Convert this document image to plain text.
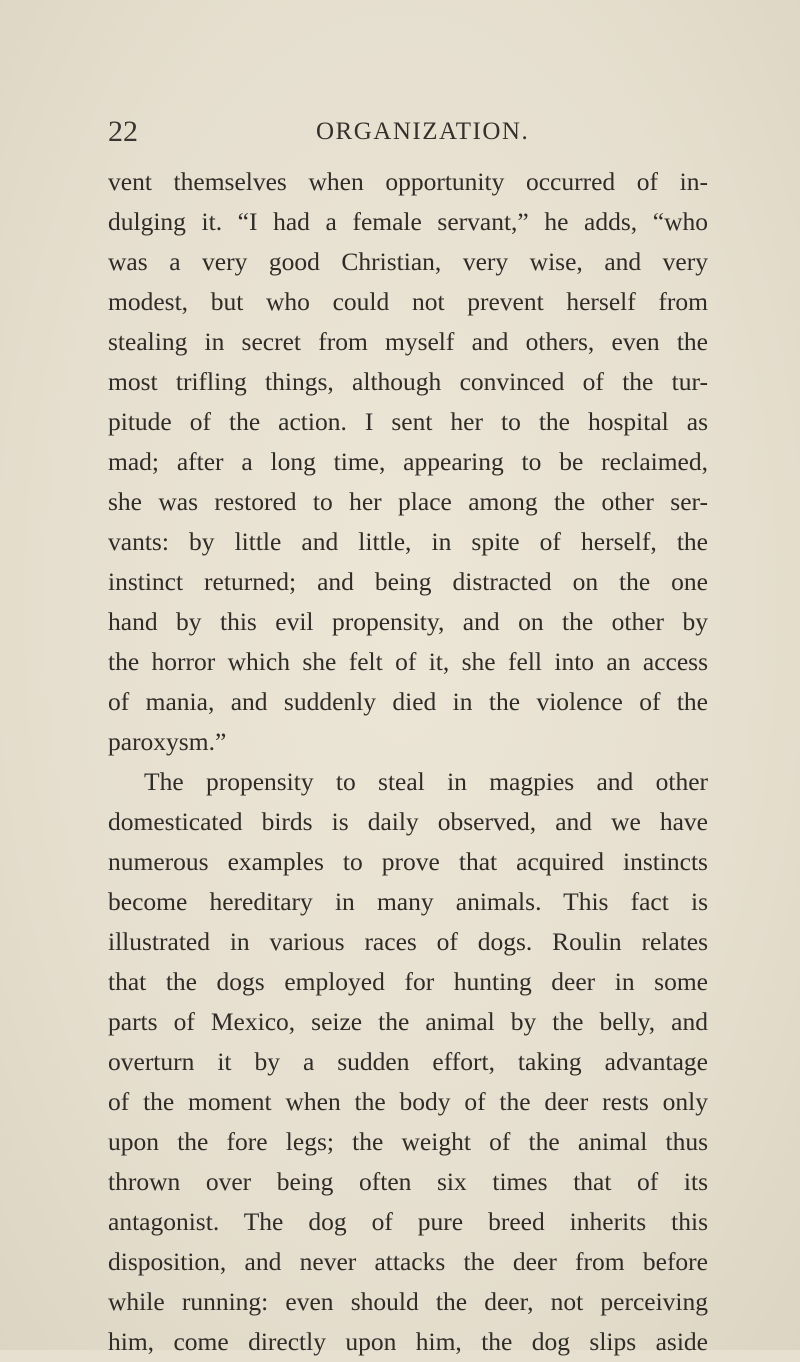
22	ORGANIZATION.
vent themselves when opportunity occurred of in-
dulging it. “I had a female servant,” he adds, “who
was a very good Christian, very wise, and very
modest, but who could not prevent herself from
stealing in secret from myself and others, even the
most trifling things, although convinced of the tur-
pitude of the action. I sent her to the hospital as
mad; after a long time, appearing to be reclaimed,
she was restored to her place among the other ser-
vants: by little and little, in spite of herself, the
instinct returned; and being distracted on the one
hand by this evil propensity, and on the other by
the horror which she felt of it, she fell into an access
of mania, and suddenly died in the violence of the
paroxysm.”
The propensity to steal in magpies and other
domesticated birds is daily observed, and we have
numerous examples to prove that acquired instincts
become hereditary in many animals. This fact is
illustrated in various races of dogs. Roulin relates
that the dogs employed for hunting deer in some
parts of Mexico, seize the animal by the belly, and
overturn it by a sudden effort, taking advantage
of the moment when the body of the deer rests only
upon the fore legs; the weight of the animal thus
thrown over being often six times that of its
antagonist. The dog of pure breed inherits this
disposition, and never attacks the deer from before
while running: even should the deer, not perceiving
him, come directly upon him, the dog slips aside
